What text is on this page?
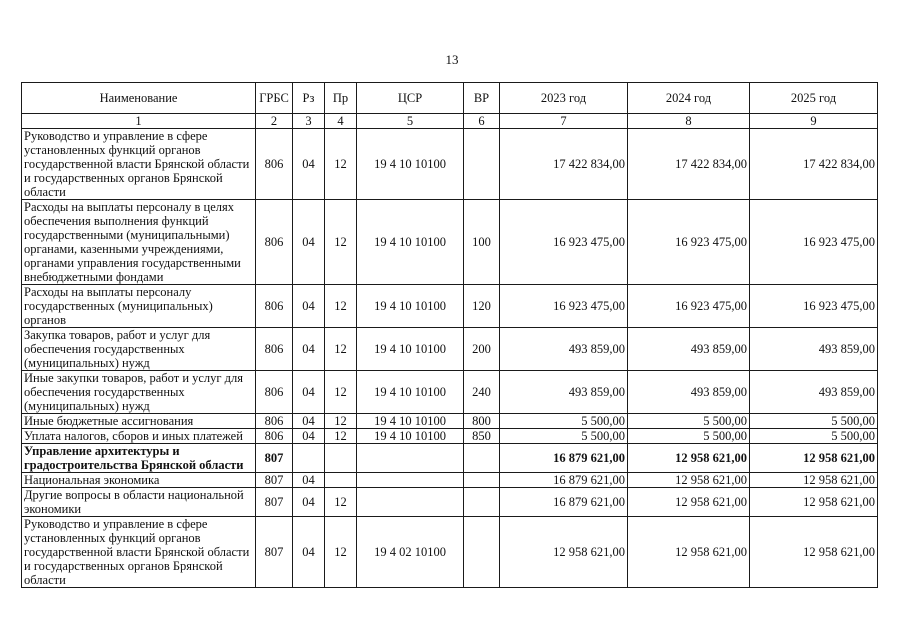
13
Наименование	ГРБС	Рз	Пр	ЦСР	ВР	2023 год	2024 год	2025 год
1	2	3	4	5	6	7	8	9
Руководство и управление в сфере установленных функций органов государственной власти Брянской области и государственных органов Брянской области	806	04	12	19 4 10 10100		17 422 834,00	17 422 834,00	17 422 834,00
Расходы на выплаты персоналу в целях обеспечения выполнения функций государственными (муниципальными) органами, казенными учреждениями, органами управления государственными внебюджетными фондами	806	04	12	19 4 10 10100	100	16 923 475,00	16 923 475,00	16 923 475,00
Расходы на выплаты персоналу государственных (муниципальных) органов	806	04	12	19 4 10 10100	120	16 923 475,00	16 923 475,00	16 923 475,00
Закупка товаров, работ и услуг для обеспечения государственных (муниципальных) нужд	806	04	12	19 4 10 10100	200	493 859,00	493 859,00	493 859,00
Иные закупки товаров, работ и услуг для обеспечения государственных (муниципальных) нужд	806	04	12	19 4 10 10100	240	493 859,00	493 859,00	493 859,00
Иные бюджетные ассигнования	806	04	12	19 4 10 10100	800	5 500,00	5 500,00	5 500,00
Уплата налогов, сборов и иных платежей	806	04	12	19 4 10 10100	850	5 500,00	5 500,00	5 500,00
Управление архитектуры и градостроительства Брянской области	807					16 879 621,00	12 958 621,00	12 958 621,00
Национальная экономика	807	04				16 879 621,00	12 958 621,00	12 958 621,00
Другие вопросы в области национальной экономики	807	04	12			16 879 621,00	12 958 621,00	12 958 621,00
Руководство и управление в сфере установленных функций органов государственной власти Брянской области и государственных органов Брянской области	807	04	12	19 4 02 10100		12 958 621,00	12 958 621,00	12 958 621,00
